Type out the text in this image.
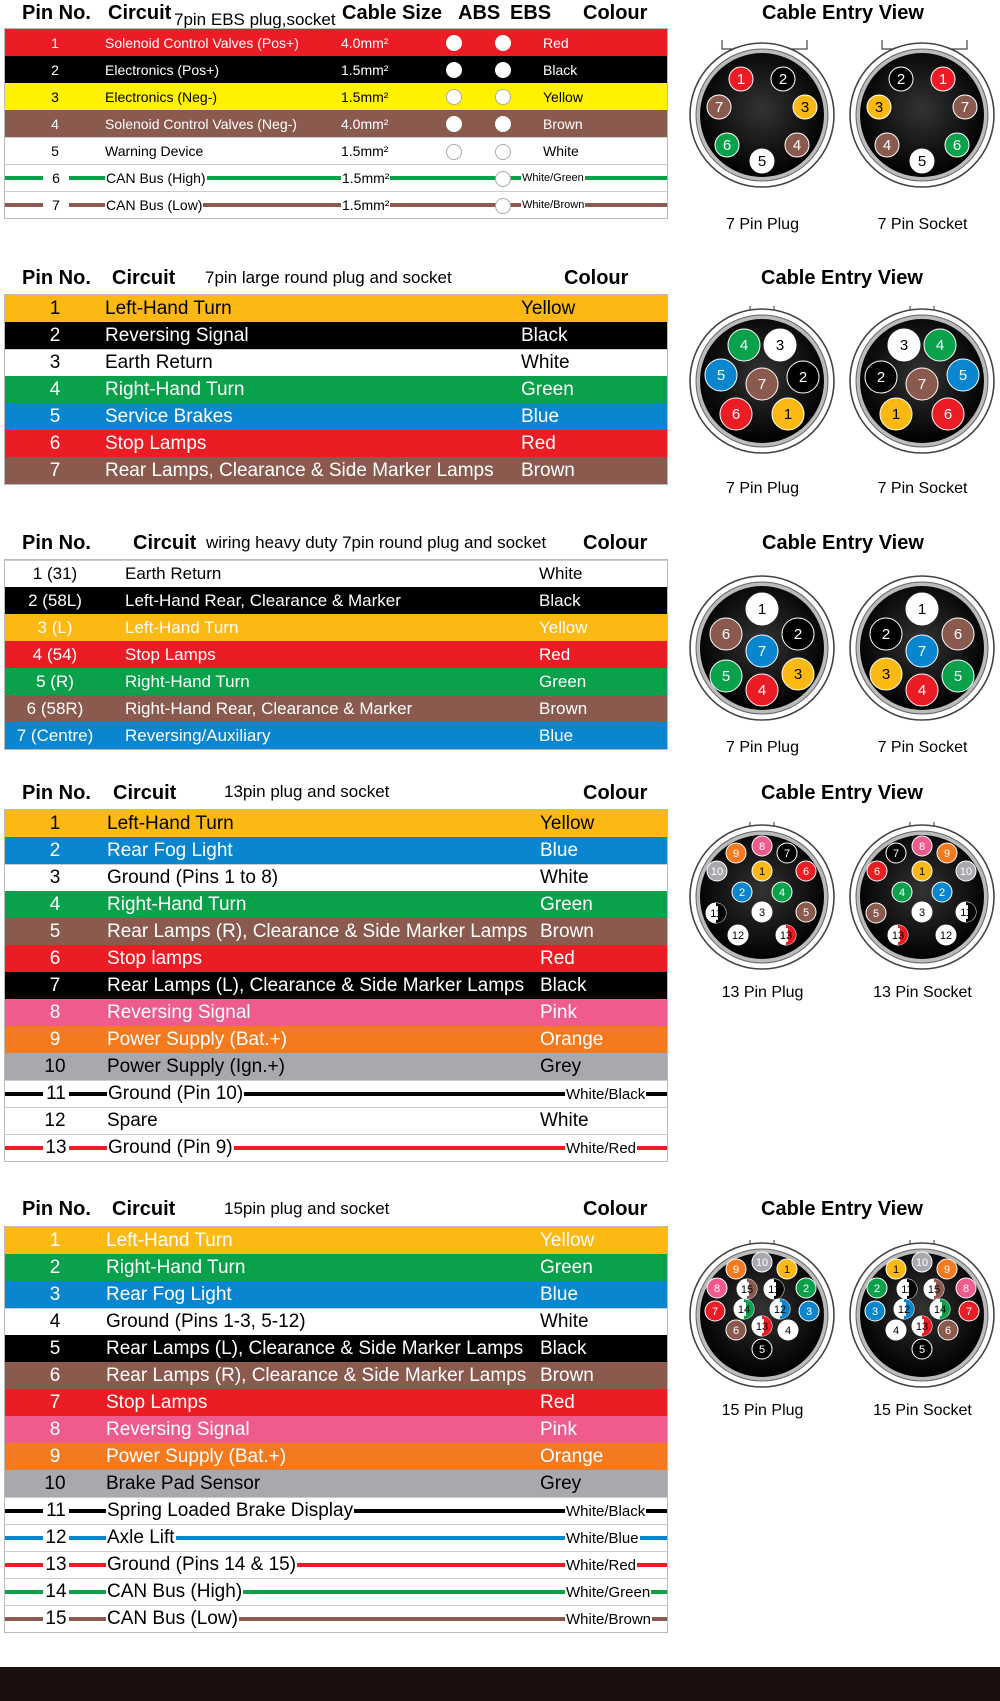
Pin No. Circuit 7pin EBS plug,socket Cable Size ABS EBS Colour	Cable Entry View
1	Solenoid Control Valves (Pos+)	4.0mm²	Red
2	Electronics (Pos+)	1.5mm²	Black
3	Electronics (Neg-)	1.5mm²	Yellow
4	Solenoid Control Valves (Neg-)	4.0mm²	Brown
5	Warning Device	1.5mm²	White
6	CAN Bus (High)	1.5mm²	White/Green
7	CAN Bus (Low)	1.5mm²	White/Brown
1 2
3
4
5
6
7
7 Pin Plug
1
2
3
4
5
6
7
7 Pin Socket
Pin No. Circuit 7pin large round plug and socket	Colour	Cable Entry View
1	Left-Hand Turn	Yellow
2	Reversing Signal	Black
3	Earth Return	White
4	Right-Hand Turn	Green
5	Service Brakes	Blue
6	Stop Lamps	Red
7	Rear Lamps, Clearance & Side Marker Lamps Brown
1
2
3
4
5
6
7
7 Pin Plug
1
2
3 4
5
6
7
7 Pin Socket
Pin No. Circuit wiring heavy duty 7pin round plug and socket Colour	Cable Entry View
1 (31)	Earth Return	White
2 (58L)	Left-Hand Rear, Clearance & Marker	Black
3 (L)	Left-Hand Turn	Yellow
4 (54)	Stop Lamps	Red
5 (R)	Right-Hand Turn	Green
6 (58R)	Right-Hand Rear, Clearance & Marker	Brown
7 (Centre)	Reversing/Auxiliary	Blue
1
2
3
4
5
6
7
7 Pin Plug
1
2
3
4
5
6
7
7 Pin Socket
Pin No. Circuit	13pin plug and socket	Colour	Cable Entry View
1	Left-Hand Turn	Yellow
2	Rear Fog Light	Blue
3	Ground (Pins 1 to 8)	White
4	Right-Hand Turn	Green
5	Rear Lamps (R), Clearance & Side Marker Lamps Brown
6	Stop lamps	Red
7	Rear Lamps (L), Clearance & Side Marker Lamps Black
8	Reversing Signal	Pink
9	Power Supply (Bat.+)	Orange
10	Power Supply (Ign.+)	Grey
11 Ground (Pin 10)	White/Black
12	Spare	White
13 Ground (Pin 9)	White/Red
1
2
3
4
5
6
7
8
9
10
11
12	13
13 Pin Plug
1
2
3
4
5
6
7
8
9
10
11
12
13
13 Pin Socket
Pin No. Circuit	15pin plug and socket	Colour	Cable Entry View
1	Left-Hand Turn	Yellow
2	Right-Hand Turn	Green
3	Rear Fog Light	Blue
4	Ground (Pins 1-3, 5-12)	White
5	Rear Lamps (L), Clearance & Side Marker Lamps Black
6	Rear Lamps (R), Clearance & Side Marker Lamps Brown
7	Stop Lamps	Red
8	Reversing Signal	Pink
9	Power Supply (Bat.+)	Orange
10	Brake Pad Sensor	Grey
11 Spring Loaded Brake Display	White/Black
12 Axle Lift	White/Blue
13 Ground (Pins 14 & 15)	White/Red
14 CAN Bus (High)	White/Green
15 CAN Bus (Low)	White/Brown
1
2
3
4
5
6
7
8
9
10
11
12
13
14
15
15 Pin Plug
1
2
3
4
5
6
7
8
9
10
11
12
13
14
15
15 Pin Socket
